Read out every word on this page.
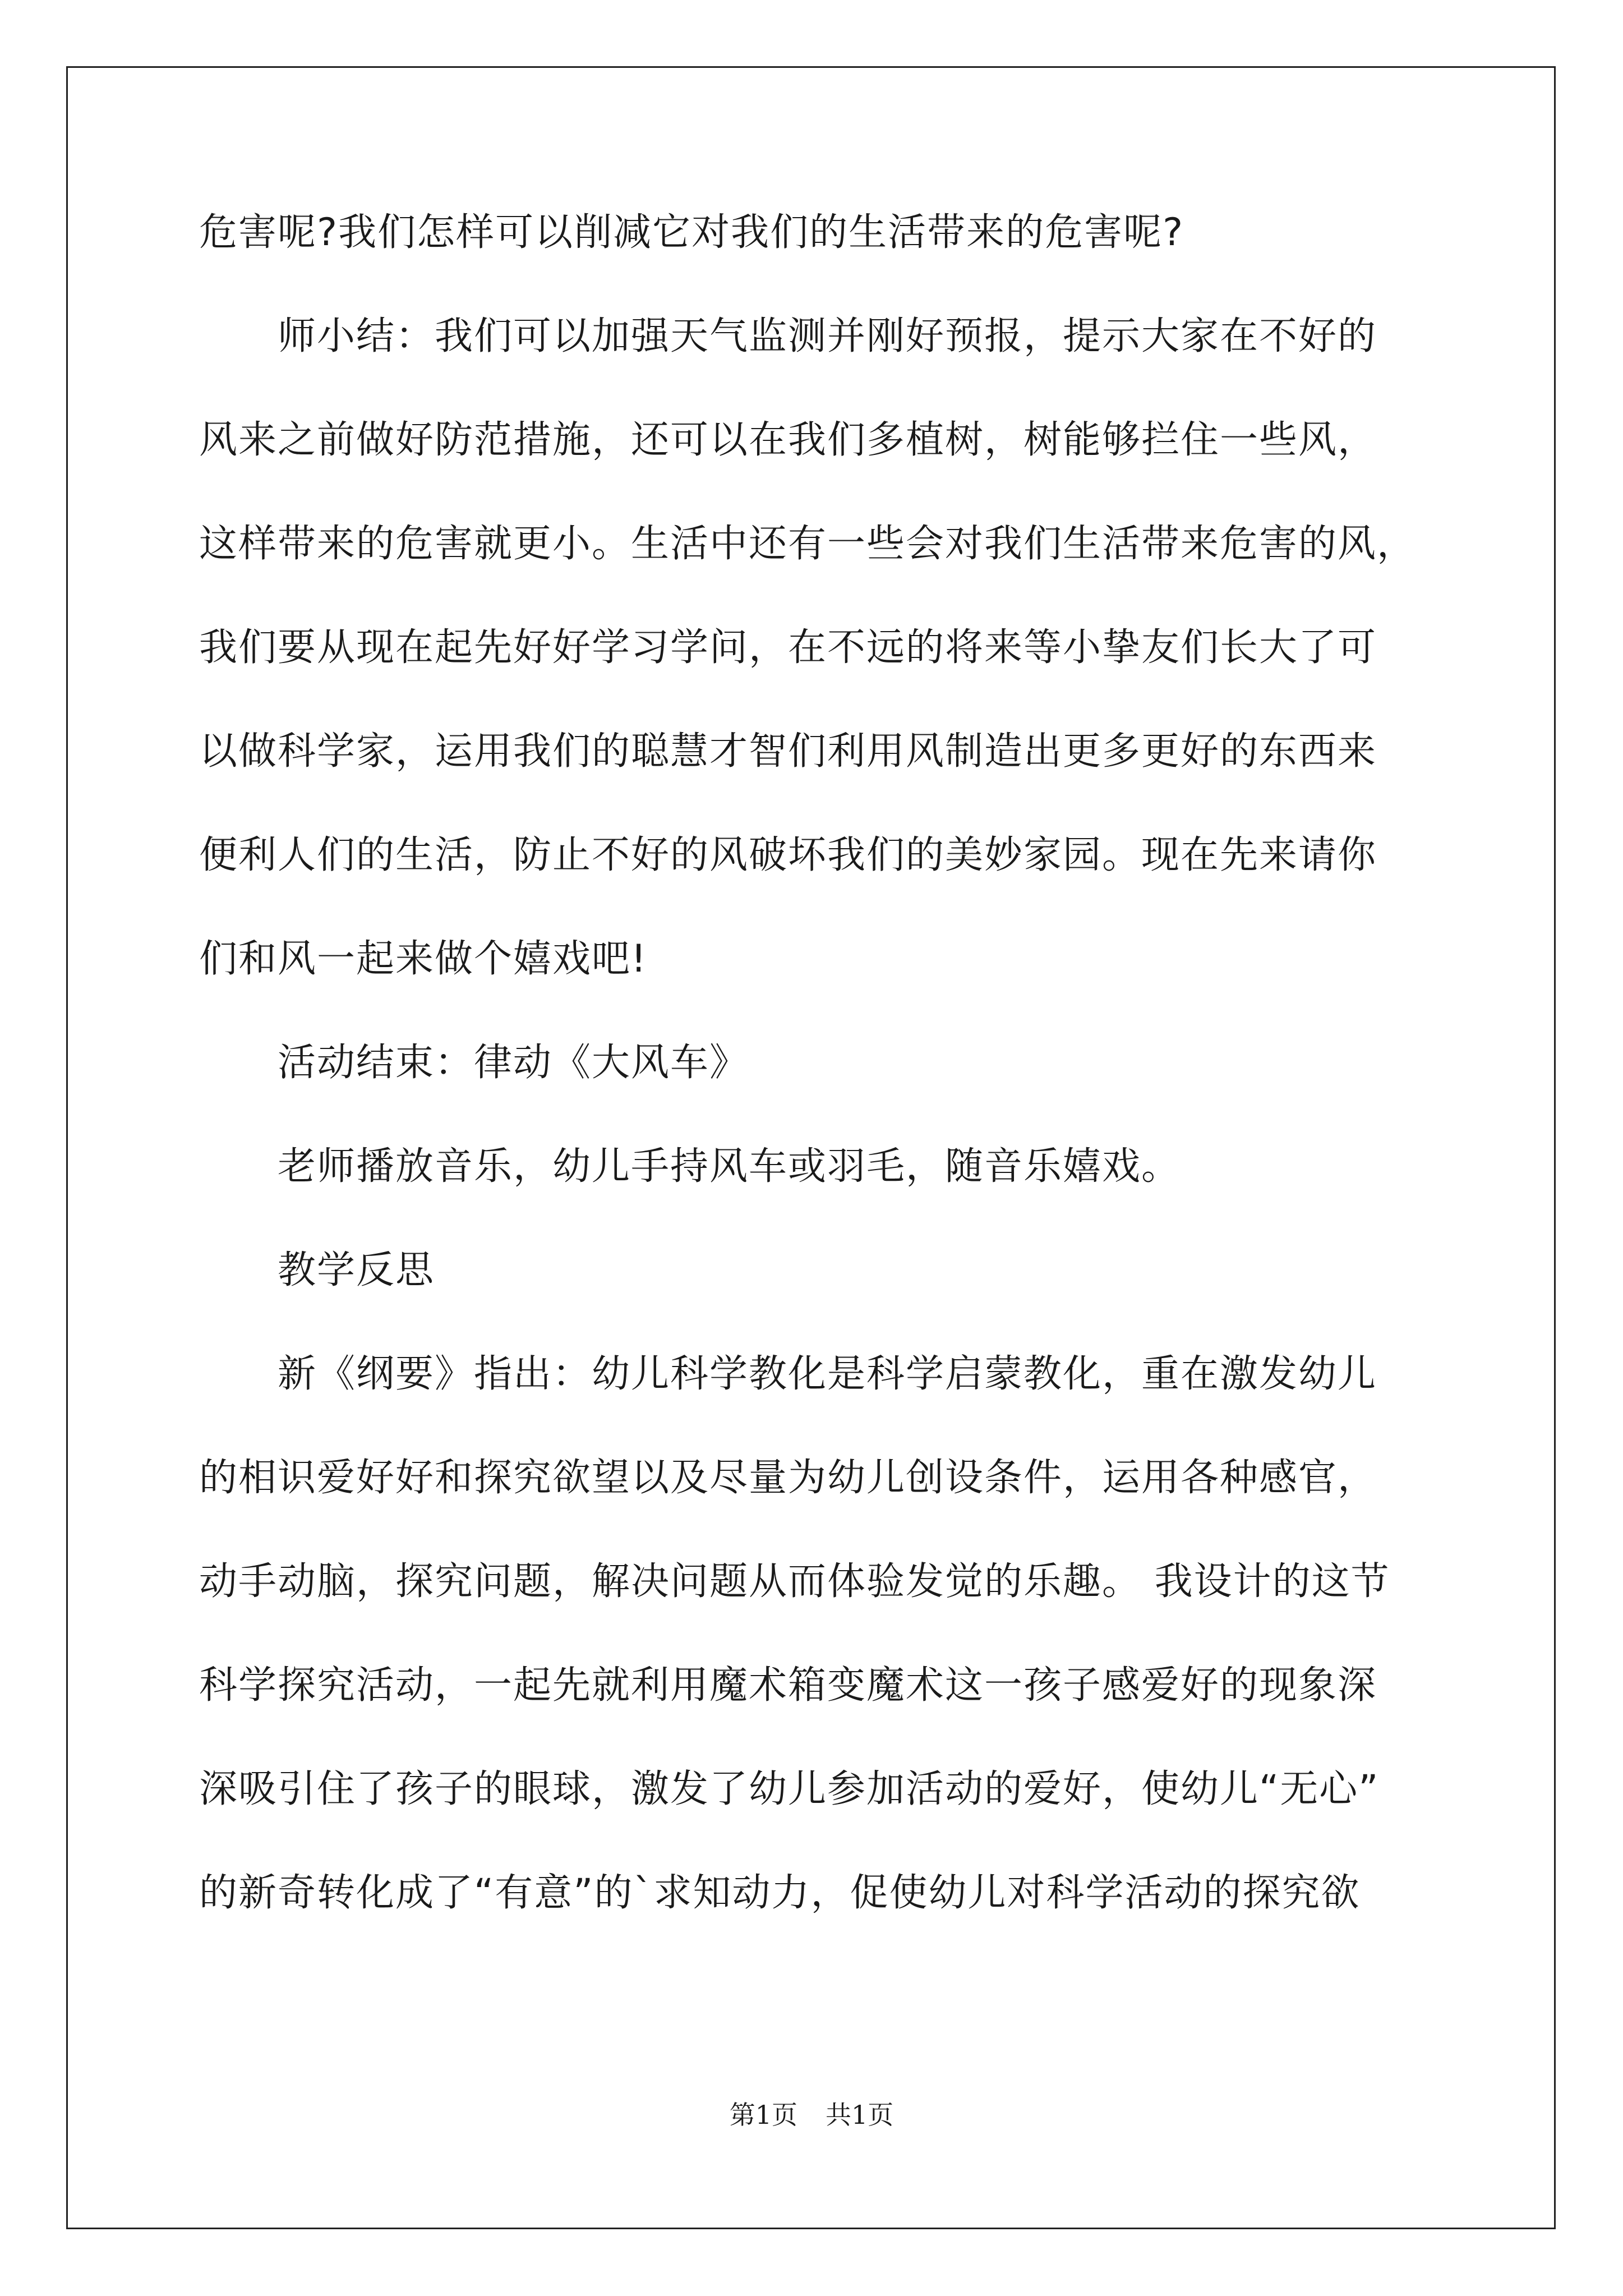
危害呢?我们怎样可以削减它对我们的生活带来的危害呢?
师小结：我们可以加强天气监测并刚好预报，提示大家在不好的
风来之前做好防范措施，还可以在我们多植树，树能够拦住一些风，
这样带来的危害就更小。生活中还有一些会对我们生活带来危害的风，
我们要从现在起先好好学习学问，在不远的将来等小挚友们长大了可
以做科学家，运用我们的聪慧才智们利用风制造出更多更好的东西来
便利人们的生活，防止不好的风破坏我们的美妙家园。现在先来请你
们和风一起来做个嬉戏吧!
活动结束：律动《大风车》
老师播放音乐，幼儿手持风车或羽毛，随音乐嬉戏。
教学反思
新《纲要》指出：幼儿科学教化是科学启蒙教化，重在激发幼儿
的相识爱好好和探究欲望以及尽量为幼儿创设条件，运用各种感官，
动手动脑，探究问题，解决问题从而体验发觉的乐趣。 我设计的这节
科学探究活动，一起先就利用魔术箱变魔术这一孩子感爱好的现象深
深吸引住了孩子的眼球，激发了幼儿参加活动的爱好，使幼儿“无心”
的新奇转化成了“有意”的`求知动力，促使幼儿对科学活动的探究欲
第1页 共1页
